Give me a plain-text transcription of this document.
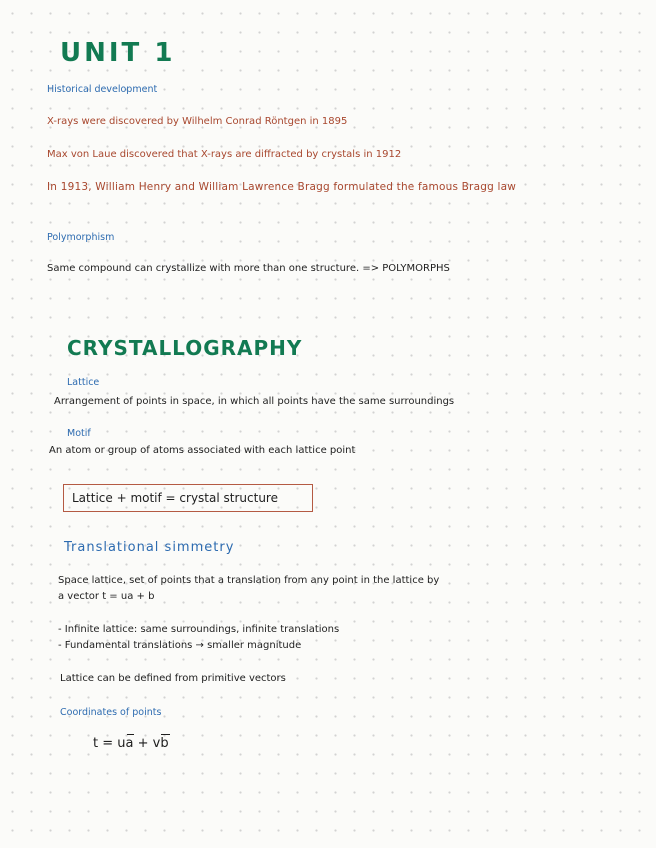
UNIT 1
Historical development
X-rays were discovered by Wilhelm Conrad Röntgen in 1895
Max von Laue discovered that X-rays are diffracted by crystals in 1912
In 1913, William Henry and William Lawrence Bragg formulated the famous Bragg law
Polymorphism
Same compound can crystallize with more than one structure. => POLYMORPHS
CRYSTALLOGRAPHY
Lattice
Arrangement of points in space, in which all points have the same surroundings
Motif
An atom or group of atoms associated with each lattice point
Lattice + motif = crystal structure
Translational simmetry
Space lattice, set of points that a translation from any point in the lattice by
a vector t = ua + b
- Infinite lattice: same surroundings, infinite translations
- Fundamental translations → smaller magnitude
Lattice can be defined from primitive vectors
Coordinates of points
t = ua + vb
